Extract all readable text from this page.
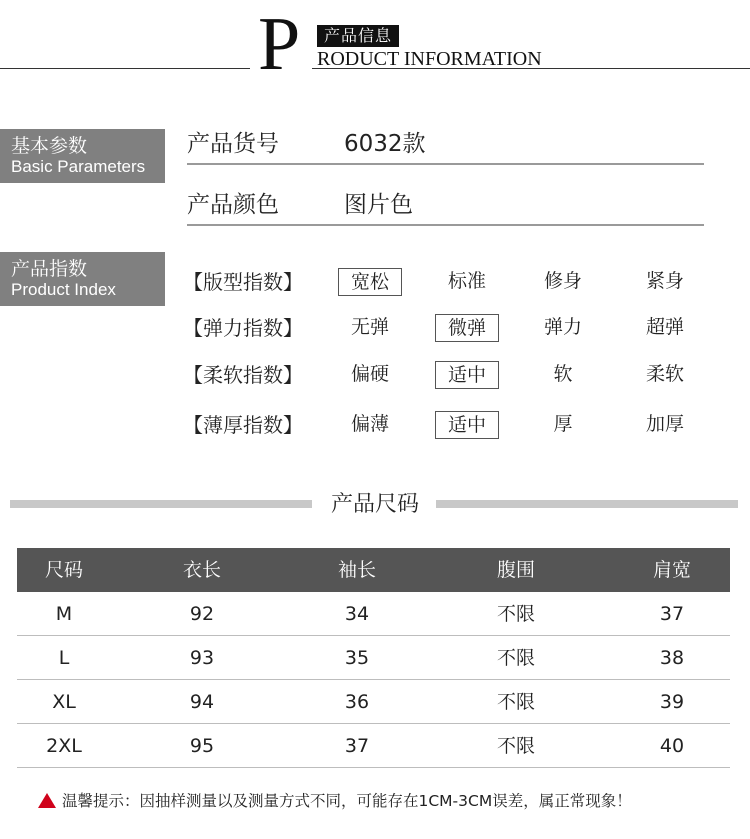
P	产品信息
RODUCT INFORMATION
基本参数
Basic Parameters
产品货号	6032款
产品颜色	图片色
产品指数
Product Index	【版型指数】	宽松	标准	修身	紧身
【弹力指数】	无弹	微弹	弹力	超弹
【柔软指数】	偏硬	适中	软	柔软
【薄厚指数】	偏薄	适中	厚	加厚
产品尺码
尺码	衣长	袖长	腹围	肩宽
M	92	34	不限	37
L	93	35	不限	38
XL	94	36	不限	39
2XL	95	37	不限	40
温馨提示：因抽样测量以及测量方式不同，可能存在1CM-3CM误差，属正常现象！
